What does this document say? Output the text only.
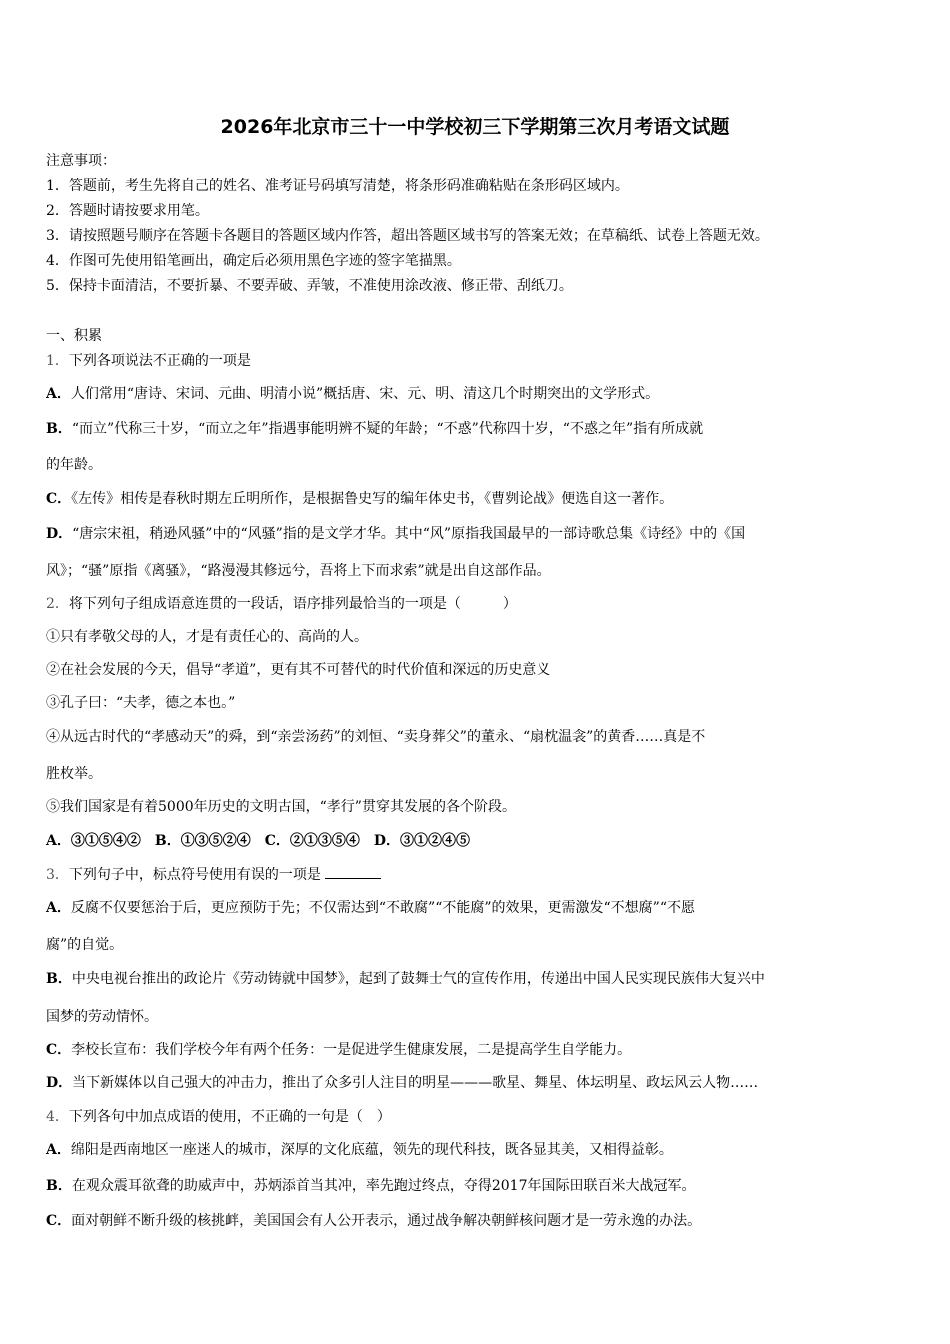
2026年北京市三十一中学校初三下学期第三次月考语文试题
注意事项：
1．答题前，考生先将自己的姓名、准考证号码填写清楚，将条形码准确粘贴在条形码区域内。
2．答题时请按要求用笔。
3．请按照题号顺序在答题卡各题目的答题区域内作答，超出答题区域书写的答案无效；在草稿纸、试卷上答题无效。
4．作图可先使用铅笔画出，确定后必须用黑色字迹的签字笔描黑。
5．保持卡面清洁，不要折暴、不要弄破、弄皱，不准使用涂改液、修正带、刮纸刀。
一、积累
1．下列各项说法不正确的一项是
A．人们常用“唐诗、宋词、元曲、明清小说”概括唐、宋、元、明、清这几个时期突出的文学形式。
B．“而立”代称三十岁，“而立之年”指遇事能明辨不疑的年龄；“不惑”代称四十岁，“不惑之年”指有所成就
的年龄。
C．《左传》相传是春秋时期左丘明所作，是根据鲁史写的编年体史书，《曹刿论战》便选自这一著作。
D．“唐宗宋祖，稍逊风骚”中的“风骚”指的是文学才华。其中“风”原指我国最早的一部诗歌总集《诗经》中的《国
风》；“骚”原指《离骚》，“路漫漫其修远兮，吾将上下而求索”就是出自这部作品。
2．将下列句子组成语意连贯的一段话，语序排列最恰当的一项是（　　　）
①只有孝敬父母的人，才是有责任心的、高尚的人。
②在社会发展的今天，倡导“孝道”，更有其不可替代的时代价值和深远的历史意义
③孔子曰：“夫孝，德之本也。”
④从远古时代的“孝感动天”的舜，到“亲尝汤药”的刘恒、“卖身葬父”的董永、“扇枕温衾”的黄香……真是不
胜枚举。
⑤我们国家是有着5000年历史的文明古国，“孝行”贯穿其发展的各个阶段。
A．③①⑤④②　B．①③⑤②④　C．②①③⑤④　D．③①②④⑤
3．下列句子中，标点符号使用有误的一项是
A．反腐不仅要惩治于后，更应预防于先；不仅需达到“不敢腐”“不能腐”的效果，更需激发“不想腐”“不愿
腐”的自觉。
B．中央电视台推出的政论片《劳动铸就中国梦》，起到了鼓舞士气的宣传作用，传递出中国人民实现民族伟大复兴中
国梦的劳动情怀。
C．李校长宣布：我们学校今年有两个任务：一是促进学生健康发展，二是提高学生自学能力。
D．当下新媒体以自己强大的冲击力，推出了众多引人注目的明星———歌星、舞星、体坛明星、政坛风云人物……
4．下列各句中加点成语的使用，不正确的一句是（　）
A．绵阳是西南地区一座迷人的城市，深厚的文化底蕴，领先的现代科技，既各显其美，又相得益彰。
B．在观众震耳欲聋的助威声中，苏炳添首当其冲，率先跑过终点，夺得2017年国际田联百米大战冠军。
C．面对朝鲜不断升级的核挑衅，美国国会有人公开表示，通过战争解决朝鲜核问题才是一劳永逸的办法。
